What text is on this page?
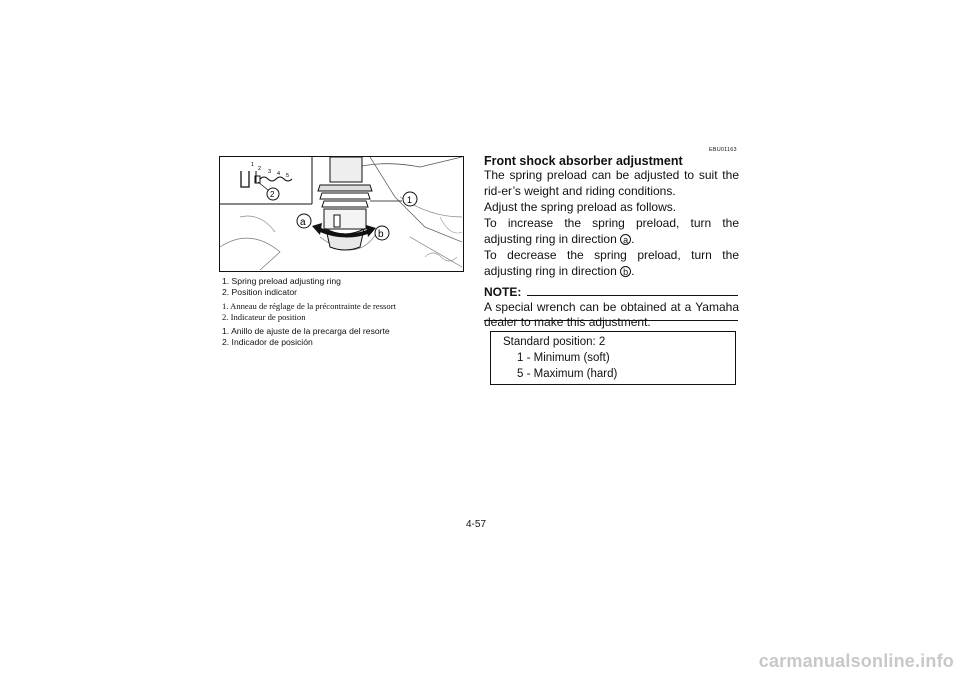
1
2 3 4 5
2
1
a
b
1. Spring preload adjusting ring
2. Position indicator
1. Anneau de réglage de la précontrainte de ressort
2. Indicateur de position
1. Anillo de ajuste de la precarga del resorte
2. Indicador de posición
EBU01163
Front shock absorber adjustment
The spring preload can be adjusted to suit the rid-er’s weight and riding conditions.
Adjust the spring preload as follows.
To increase the spring preload, turn the adjusting ring in direction a .
To decrease the spring preload, turn the adjusting ring in direction b .
NOTE:
A special wrench can be obtained at a Yamaha dealer to make this adjustment.
Standard position: 2
1 - Minimum (soft)
5 - Maximum (hard)
4-57
carmanualsonline.info
